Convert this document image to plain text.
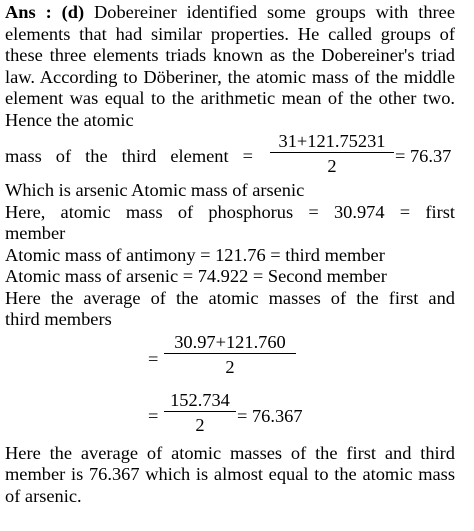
Ans : (d) Dobereiner identified some groups with three elements that had similar properties. He called groups of these three elements triads known as the Dobereiner's triad law. According to Döberiner, the atomic mass of the middle element was equal to the arithmetic mean of the other two. Hence the atomic

mass of the third element =
31+121.75231
2	= 76.37

Which is arsenic Atomic mass of arsenic

Here, atomic mass of phosphorus = 30.974 = first

member

Atomic mass of antimony = 121.76 = third member

Atomic mass of arsenic = 74.922 = Second member

Here the average of the atomic masses of the first and

third members

=
30.97+121.760
2
=
152.734
2	= 76.367

Here the average of atomic masses of the first and third member is 76.367 which is almost equal to the atomic mass of arsenic.
